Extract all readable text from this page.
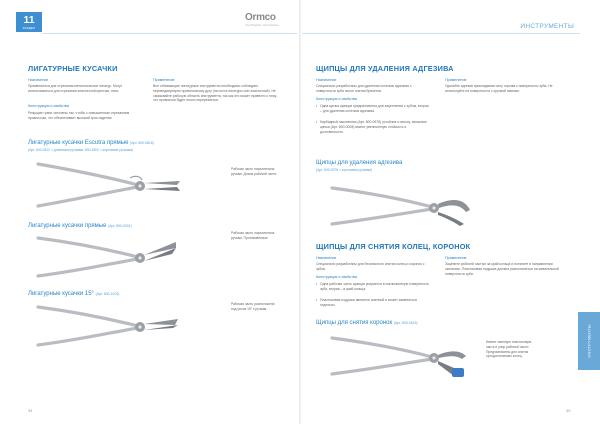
11
РАЗДЕЛ
Ormco
Your Practice. Our Passion.
ЛИГАТУРНЫЕ КУСАЧКИ
Назначение
Применяются для отрезания металлических лигатур. Могут использоваться для отрезания эластичной цепочки, нити.
Конструкция и свойства
Режущие грани заточены так, чтобы с повышенным отрезанием проволочки, что обеспечивает высокий срок изделия.
Применение
Все отбивающие лигатурные инструменты необходимо соблюдать перпендикулярно проволочному дугу (на поста лигатуры или эластичной). Не смазывайте рабочую область инструмента, так как это может привести к тому, что проволока будет плохо перерезаться.
Лигатурные кусачки Escutra прямые (Арт. 800-0818)
(Арт. 800-0812 = длинными ручками; 800-1802 = короткими ручками)
Рабочая часть параллельна
ручкам. Длина рабочей части
Лигатурные кусачки прямые (Арт. 800-0001)
Рабочая часть параллельна
ручкам. Противовесные
Лигатурные кусачки 15° (Арт. 800-1003)
Рабочая часть расположена
под углом 15° к ручкам.
34
ИНСТРУМЕНТЫ
ЩИПЦЫ ДЛЯ УДАЛЕНИЯ АДГЕЗИВА
Назначение
Специально разработаны для удаления остатков адгезива с поверхности зуба после снятия брекетов.
Конструкция и свойства
• Одна щечка щипцов предназначена для зацепления с зубом, вторая – для удаления остатков адгезива.
• Карбидный наконечник (Арт. 800-0978) устойчив к износу, запасные щечки (Арт. 800-0008) имеют увеличенную стойкость и долговечность.
Применение
Удаляйте адгезив прикладывая силу отрыва к поверхности зуба. Не используйте на поверхности с хрупкой эмалью.
Щипцы для удаления адгезива
(Арт. 800-0978 = короткими ручками)
ЩИПЦЫ ДЛЯ СНЯТИЯ КОЛЕЦ, КОРОНОК
Назначение
Специально разработаны для безопасного снятия колец и коронок с зубов.
Конструкция и свойства
• Одна рабочая часть щипцов упирается в окклюзионную поверхность зуба, вторая – в край кольца.
• Пластиковая подушка является сменной и может заменяться отдельно.
Применение
Зацепите рабочей частью за край кольца и потяните в направлении окклюзии. Пластиковая подушка должна располагаться на жевательной поверхности зуба.
Щипцы для снятия коронок (Арт. 800-0613)
Имеют сменную пластиковую
часть и упор рабочей части.
Предназначены для снятия
ортодонтических колец.	ИНСТРУМЕНТЫ
35
